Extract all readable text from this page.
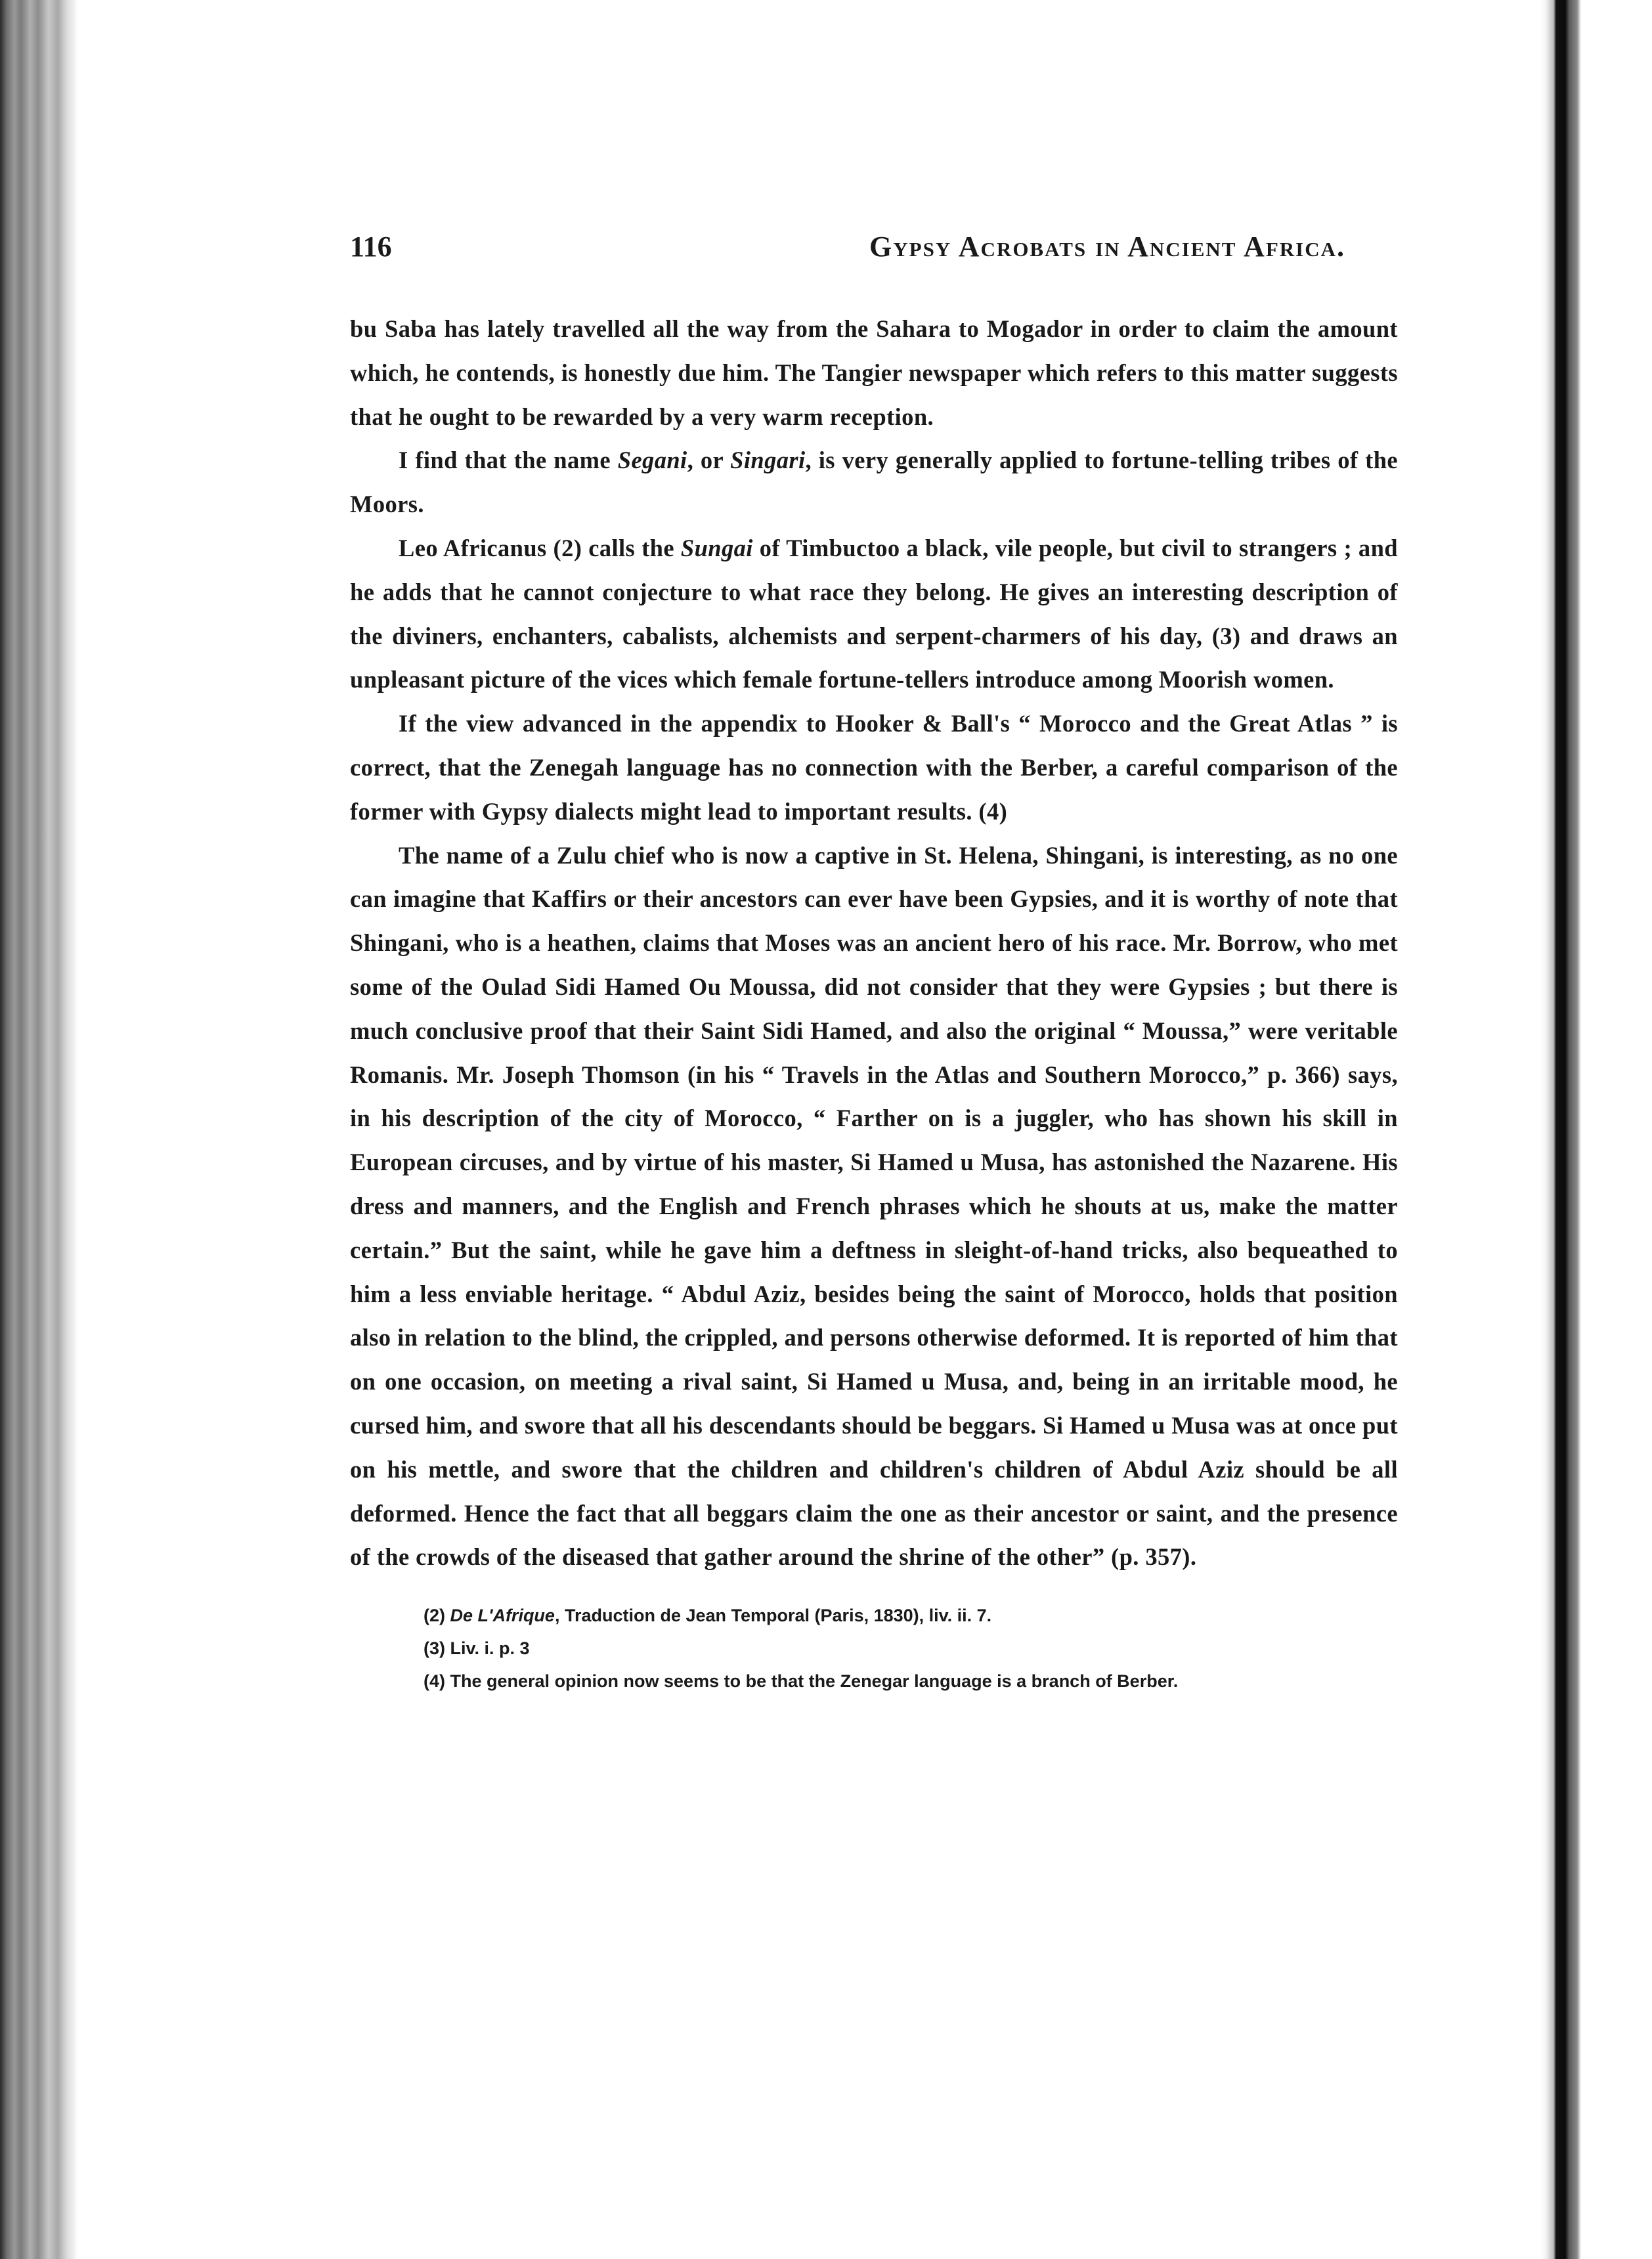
116	Gypsy Acrobats in Ancient Africa.

bu Saba has lately travelled all the way from the Sahara to Mogador in order to claim the amount which, he contends, is honestly due him. The Tangier newspaper which refers to this matter suggests that he ought to be rewarded by a very warm reception.

I find that the name Segani, or Singari, is very generally applied to fortune-telling tribes of the Moors.

Leo Africanus (2) calls the Sungai of Timbuctoo a black, vile people, but civil to strangers ; and he adds that he cannot conjecture to what race they belong. He gives an interesting description of the diviners, enchanters, cabalists, alchemists and serpent-charmers of his day, (3) and draws an unpleasant picture of the vices which female fortune-tellers introduce among Moorish women.

If the view advanced in the appendix to Hooker & Ball's “ Morocco and the Great Atlas ” is correct, that the Zenegah language has no connection with the Berber, a careful comparison of the former with Gypsy dialects might lead to important results. (4)

The name of a Zulu chief who is now a captive in St. Helena, Shingani, is interesting, as no one can imagine that Kaffirs or their ancestors can ever have been Gypsies, and it is worthy of note that Shingani, who is a heathen, claims that Moses was an ancient hero of his race. Mr. Borrow, who met some of the Oulad Sidi Hamed Ou Moussa, did not consider that they were Gypsies ; but there is much conclusive proof that their Saint Sidi Hamed, and also the original “ Moussa,” were veritable Romanis. Mr. Joseph Thomson (in his “ Travels in the Atlas and Southern Morocco,” p. 366) says, in his description of the city of Morocco, “ Farther on is a juggler, who has shown his skill in European circuses, and by virtue of his master, Si Hamed u Musa, has astonished the Nazarene. His dress and manners, and the English and French phrases which he shouts at us, make the matter certain.” But the saint, while he gave him a deftness in sleight-of-hand tricks, also bequeathed to him a less enviable heritage. “ Abdul Aziz, besides being the saint of Morocco, holds that position also in relation to the blind, the crippled, and persons otherwise deformed. It is reported of him that on one occasion, on meeting a rival saint, Si Hamed u Musa, and, being in an irritable mood, he cursed him, and swore that all his descendants should be beggars. Si Hamed u Musa was at once put on his mettle, and swore that the children and children's children of Abdul Aziz should be all deformed. Hence the fact that all beggars claim the one as their ancestor or saint, and the presence of the crowds of the diseased that gather around the shrine of the other” (p. 357).

(2) De L'Afrique, Traduction de Jean Temporal (Paris, 1830), liv. ii. 7.
(3) Liv. i. p. 3
(4) The general opinion now seems to be that the Zenegar language is a branch of Berber.
